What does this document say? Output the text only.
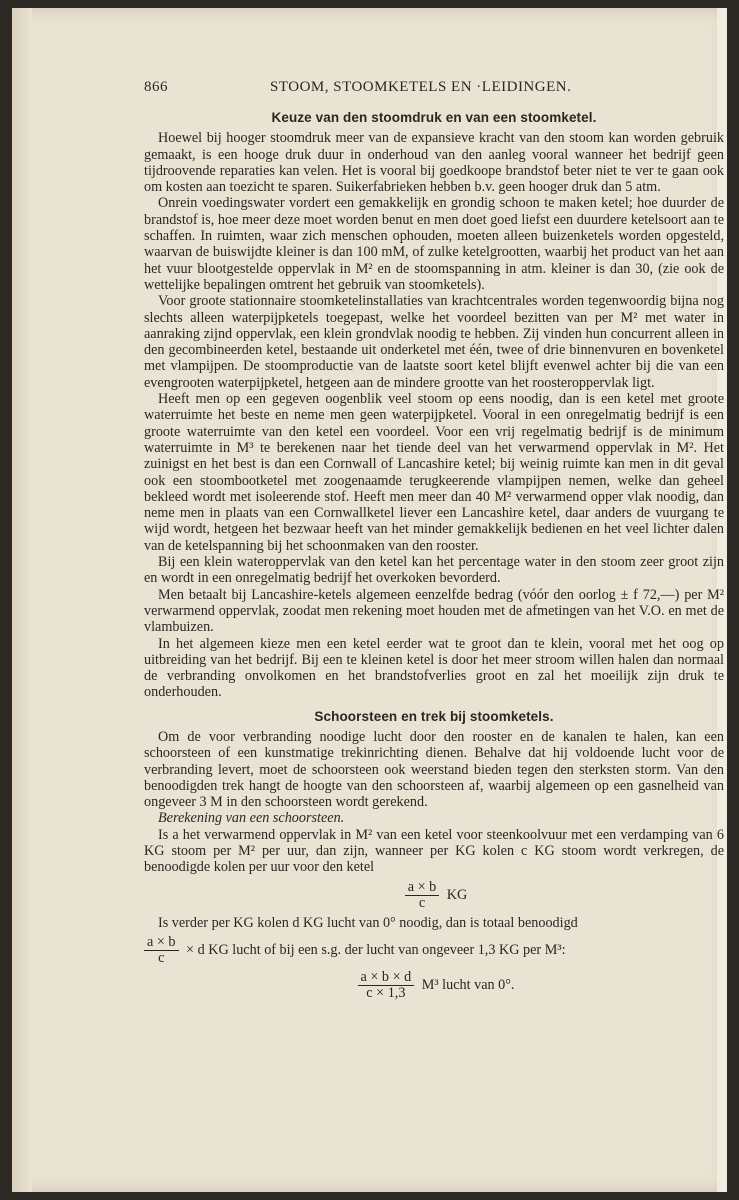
866	STOOM, STOOMKETELS EN ·LEIDINGEN.
Keuze van den stoomdruk en van een stoomketel.

Hoewel bij hooger stoomdruk meer van de expansieve kracht van den stoom kan worden gebruik gemaakt, is een hooge druk duur in onderhoud van den aanleg vooral wanneer het bedrijf geen tijdroovende reparaties kan velen. Het is vooral bij goedkoope brandstof beter niet te ver te gaan ook om kosten aan toezicht te sparen. Suikerfabrieken hebben b.v. geen hooger druk dan 5 atm.

Onrein voedingswater vordert een gemakkelijk en grondig schoon te maken ketel; hoe duurder de brandstof is, hoe meer deze moet worden benut en men doet goed liefst een duurdere ketelsoort aan te schaffen. In ruimten, waar zich menschen ophouden, moeten alleen buizenketels worden opgesteld, waarvan de buiswijdte kleiner is dan 100 mM, of zulke ketelgrootten, waarbij het product van het aan het vuur blootgestelde oppervlak in M² en de stoomspanning in atm. kleiner is dan 30, (zie ook de wettelijke bepalingen omtrent het gebruik van stoomketels).

Voor groote stationnaire stoomketelinstallaties van krachtcentrales worden tegenwoordig bijna nog slechts alleen waterpijpketels toegepast, welke het voordeel bezitten van per M² met water in aanraking zijnd oppervlak, een klein grondvlak noodig te hebben. Zij vinden hun concurrent alleen in den gecombineerden ketel, bestaande uit onderketel met één, twee of drie binnenvuren en bovenketel met vlampijpen. De stoomproductie van de laatste soort ketel blijft evenwel achter bij die van een evengrooten waterpijpketel, hetgeen aan de mindere grootte van het roosteroppervlak ligt.

Heeft men op een gegeven oogenblik veel stoom op eens noodig, dan is een ketel met groote waterruimte het beste en neme men geen waterpijpketel. Vooral in een onregelmatig bedrijf is een groote waterruimte van den ketel een voordeel. Voor een vrij regelmatig bedrijf is de minimum waterruimte in M³ te berekenen naar het tiende deel van het verwarmend oppervlak in M². Het zuinigst en het best is dan een Cornwall of Lancashire ketel; bij weinig ruimte kan men in dit geval ook een stoombootketel met zoogenaamde terugkeerende vlampijpen nemen, welke dan geheel bekleed wordt met isoleerende stof. Heeft men meer dan 40 M² verwarmend opper vlak noodig, dan neme men in plaats van een Cornwallketel liever een Lancashire ketel, daar anders de vuurgang te wijd wordt, hetgeen het bezwaar heeft van het minder gemakkelijk bedienen en het veel lichter dalen van de ketelspanning bij het schoonmaken van den rooster.

Bij een klein wateroppervlak van den ketel kan het percentage water in den stoom zeer groot zijn en wordt in een onregelmatig bedrijf het overkoken bevorderd.

Men betaalt bij Lancashire-ketels algemeen eenzelfde bedrag (vóór den oorlog ± f 72,—) per M² verwarmend oppervlak, zoodat men rekening moet houden met de afmetingen van het V.O. en met de vlambuizen.

In het algemeen kieze men een ketel eerder wat te groot dan te klein, vooral met het oog op uitbreiding van het bedrijf. Bij een te kleinen ketel is door het meer stroom willen halen dan normaal de verbranding onvolkomen en het brandstofverlies groot en zal het moeilijk zijn druk te onderhouden.

Schoorsteen en trek bij stoomketels.

Om de voor verbranding noodige lucht door den rooster en de kanalen te halen, kan een schoorsteen of een kunstmatige trekinrichting dienen. Behalve dat hij voldoende lucht voor de verbranding levert, moet de schoorsteen ook weerstand bieden tegen den sterksten storm. Van den benoodigden trek hangt de hoogte van den schoorsteen af, waarbij algemeen op een gasnelheid van ongeveer 3 M in den schoorsteen wordt gerekend.

Berekening van een schoorsteen.

Is a het verwarmend oppervlak in M² van een ketel voor steenkoolvuur met een verdamping van 6 KG stoom per M² per uur, dan zijn, wanneer per KG kolen c KG stoom wordt verkregen, de benoodigde kolen per uur voor den ketel

$\frac{a \times b}{c}$ KG

Is verder per KG kolen d KG lucht van 0° noodig, dan is totaal benoodigd

$\frac{a \times b}{c} \times d$ KG lucht of bij een s.g. der lucht van ongeveer 1,3 KG per M³:
$\frac{a \times b \times d}{c \times 1,3} M^3$ lucht van 0°.
